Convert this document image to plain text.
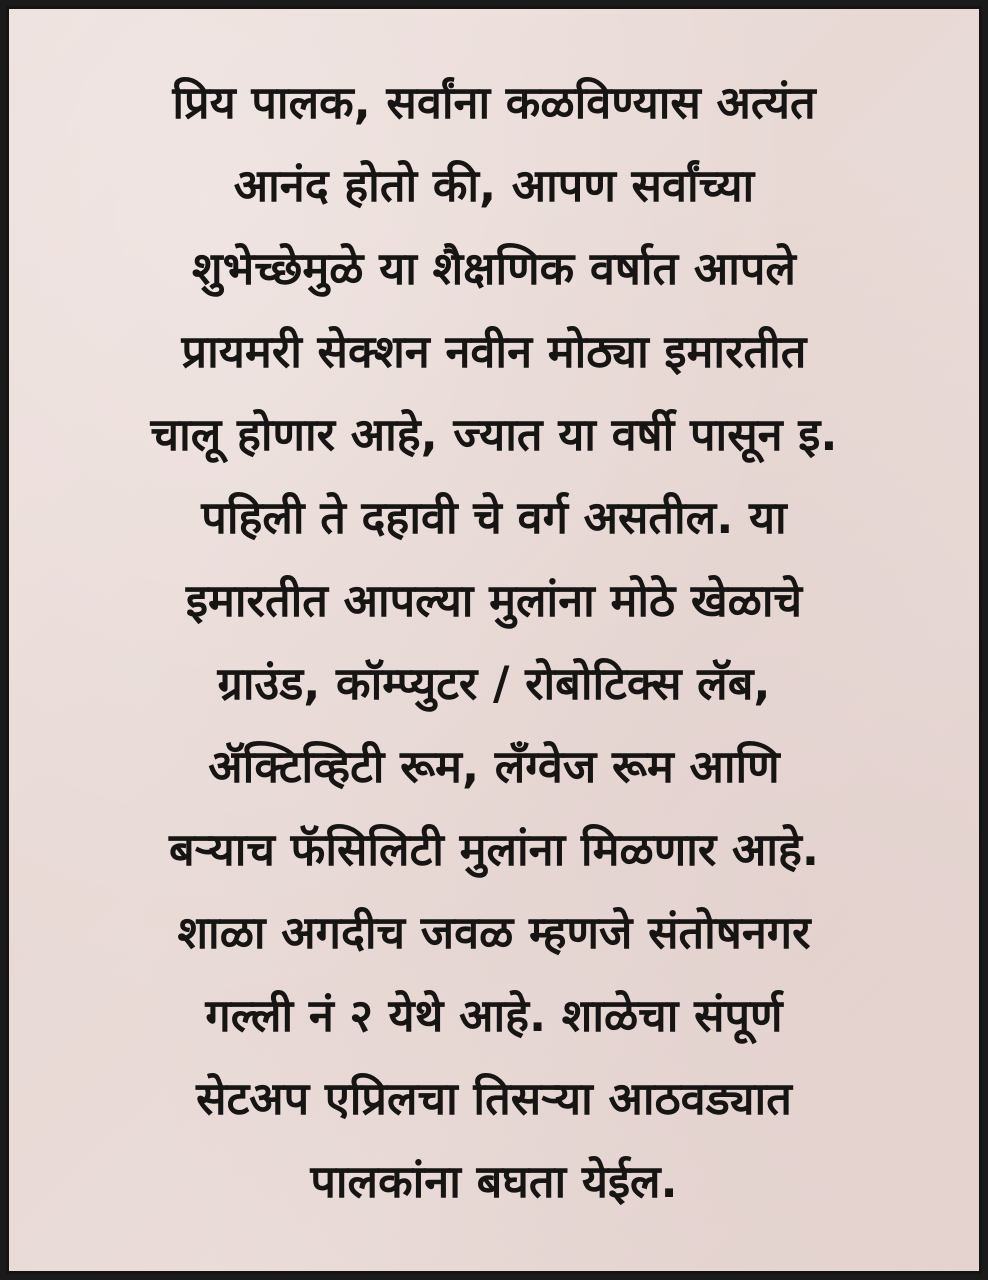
प्रिय पालक, सर्वांना कळविण्यास अत्यंत
आनंद होतो की, आपण सर्वांच्या
शुभेच्छेमुळे या शैक्षणिक वर्षात आपले
प्रायमरी सेक्शन नवीन मोठ्या इमारतीत
चालू होणार आहे, ज्यात या वर्षी पासून इ.
पहिली ते दहावी चे वर्ग असतील. या
इमारतीत आपल्या मुलांना मोठे खेळाचे
ग्राउंड, कॉम्प्युटर / रोबोटिक्स लॅब,
ॲक्टिव्हिटी रूम, लँग्वेज रूम आणि
बऱ्याच फॅसिलिटी मुलांना मिळणार आहे.
शाळा अगदीच जवळ म्हणजे संतोषनगर
गल्ली नं २ येथे आहे. शाळेचा संपूर्ण
सेटअप एप्रिलचा तिसऱ्या आठवड्यात
पालकांना बघता येईल.
